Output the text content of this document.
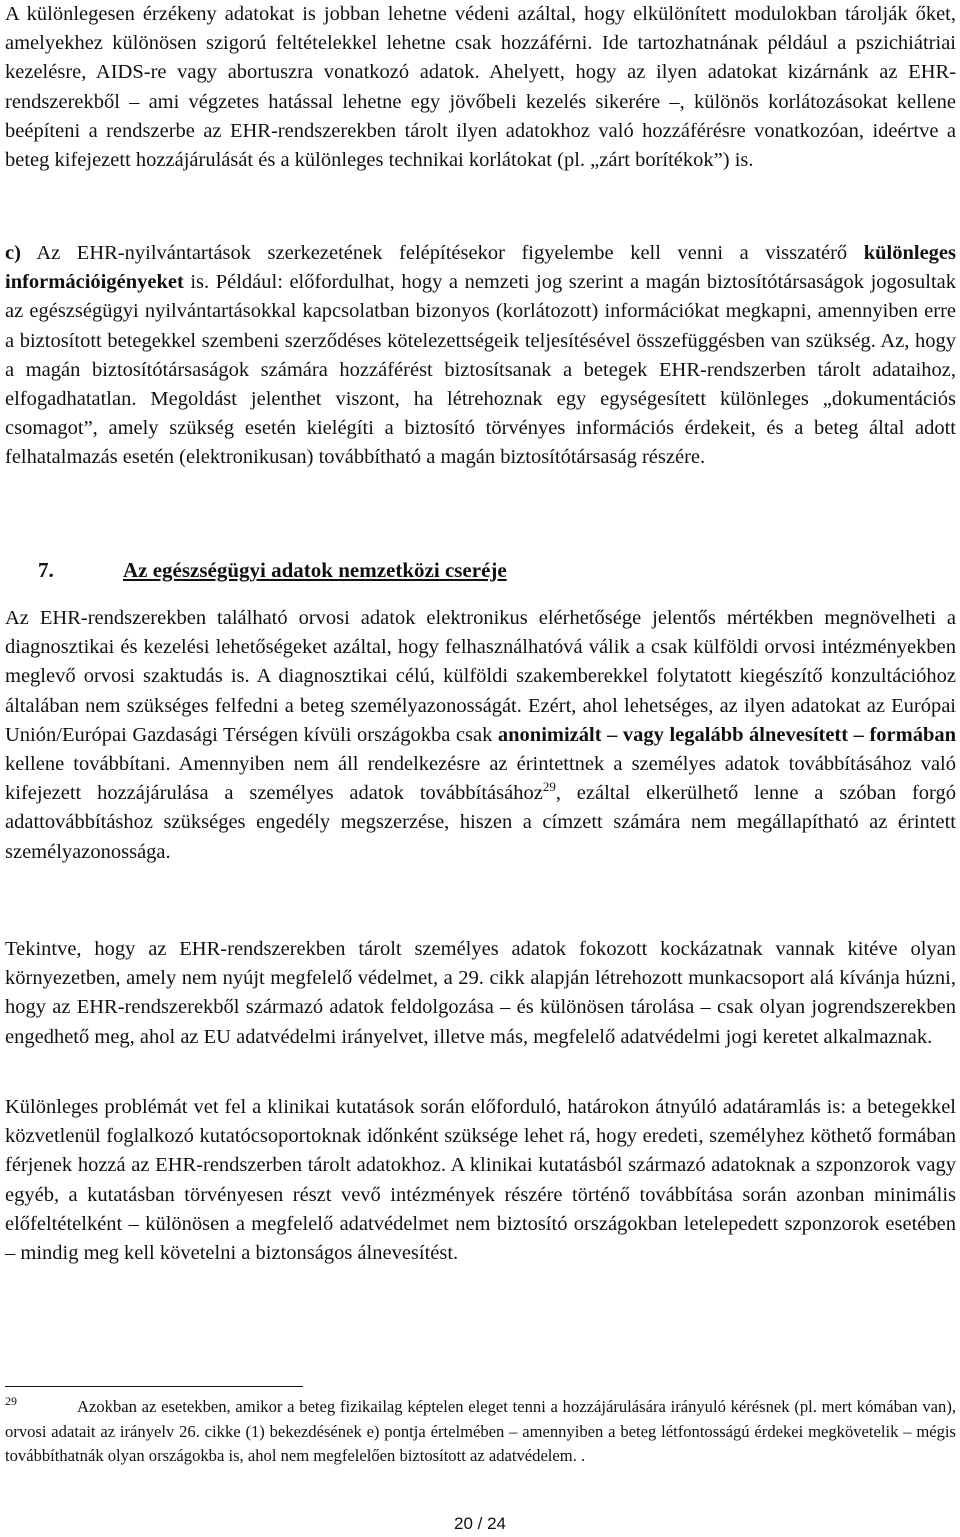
A különlegesen érzékeny adatokat is jobban lehetne védeni azáltal, hogy elkülönített modulokban tárolják őket, amelyekhez különösen szigorú feltételekkel lehetne csak hozzáférni. Ide tartozhatnának például a pszichiátriai kezelésre, AIDS-re vagy abortuszra vonatkozó adatok. Ahelyett, hogy az ilyen adatokat kizárnánk az EHR-rendszerekből – ami végzetes hatással lehetne egy jövőbeli kezelés sikerére –, különös korlátozásokat kellene beépíteni a rendszerbe az EHR-rendszerekben tárolt ilyen adatokhoz való hozzáférésre vonatkozóan, ideértve a beteg kifejezett hozzájárulását és a különleges technikai korlátokat (pl. „zárt borítékok”) is.

c) Az EHR-nyilvántartások szerkezetének felépítésekor figyelembe kell venni a visszatérő különleges információigényeket is. Például: előfordulhat, hogy a nemzeti jog szerint a magán biztosítótársaságok jogosultak az egészségügyi nyilvántartásokkal kapcsolatban bizonyos (korlátozott) információkat megkapni, amennyiben erre a biztosított betegekkel szembeni szerződéses kötelezettségeik teljesítésével összefüggésben van szükség. Az, hogy a magán biztosítótársaságok számára hozzáférést biztosítsanak a betegek EHR-rendszerben tárolt adataihoz, elfogadhatatlan. Megoldást jelenthet viszont, ha létrehoznak egy egységesített különleges „dokumentációs csomagot”, amely szükség esetén kielégíti a biztosító törvényes információs érdekeit, és a beteg által adott felhatalmazás esetén (elektronikusan) továbbítható a magán biztosítótársaság részére.

7.	Az egészségügyi adatok nemzetközi cseréje

Az EHR-rendszerekben található orvosi adatok elektronikus elérhetősége jelentős mértékben megnövelheti a diagnosztikai és kezelési lehetőségeket azáltal, hogy felhasználhatóvá válik a csak külföldi orvosi intézményekben meglevő orvosi szaktudás is. A diagnosztikai célú, külföldi szakemberekkel folytatott kiegészítő konzultációhoz általában nem szükséges felfedni a beteg személyazonosságát. Ezért, ahol lehetséges, az ilyen adatokat az Európai Unión/Európai Gazdasági Térségen kívüli országokba csak anonimizált – vagy legalább álnevesített – formában kellene továbbítani. Amennyiben nem áll rendelkezésre az érintettnek a személyes adatok továbbításához való kifejezett hozzájárulása a személyes adatok továbbításához$^{29}$, ezáltal elkerülhető lenne a szóban forgó adattovábbításhoz szükséges engedély megszerzése, hiszen a címzett számára nem megállapítható az érintett személyazonossága.

Tekintve, hogy az EHR-rendszerekben tárolt személyes adatok fokozott kockázatnak vannak kitéve olyan környezetben, amely nem nyújt megfelelő védelmet, a 29. cikk alapján létrehozott munkacsoport alá kívánja húzni, hogy az EHR-rendszerekből származó adatok feldolgozása – és különösen tárolása – csak olyan jogrendszerekben engedhető meg, ahol az EU adatvédelmi irányelvet, illetve más, megfelelő adatvédelmi jogi keretet alkalmaznak.

Különleges problémát vet fel a klinikai kutatások során előforduló, határokon átnyúló adatáramlás is: a betegekkel közvetlenül foglalkozó kutatócsoportoknak időnként szüksége lehet rá, hogy eredeti, személyhez köthető formában férjenek hozzá az EHR-rendszerben tárolt adatokhoz. A klinikai kutatásból származó adatoknak a szponzorok vagy egyéb, a kutatásban törvényesen részt vevő intézmények részére történő továbbítása során azonban minimális előfeltételként – különösen a megfelelő adatvédelmet nem biztosító országokban letelepedett szponzorok esetében – mindig meg kell követelni a biztonságos álnevesítést.

29	Azokban az esetekben, amikor a beteg fizikailag képtelen eleget tenni a hozzájárulására irányuló kérésnek (pl. mert kómában van), orvosi adatait az irányelv 26. cikke (1) bekezdésének e) pontja értelmében – amennyiben a beteg létfontosságú érdekei megkövetelik – mégis továbbíthatnák olyan országokba is, ahol nem megfelelően biztosított az adatvédelem. .
20 / 24
